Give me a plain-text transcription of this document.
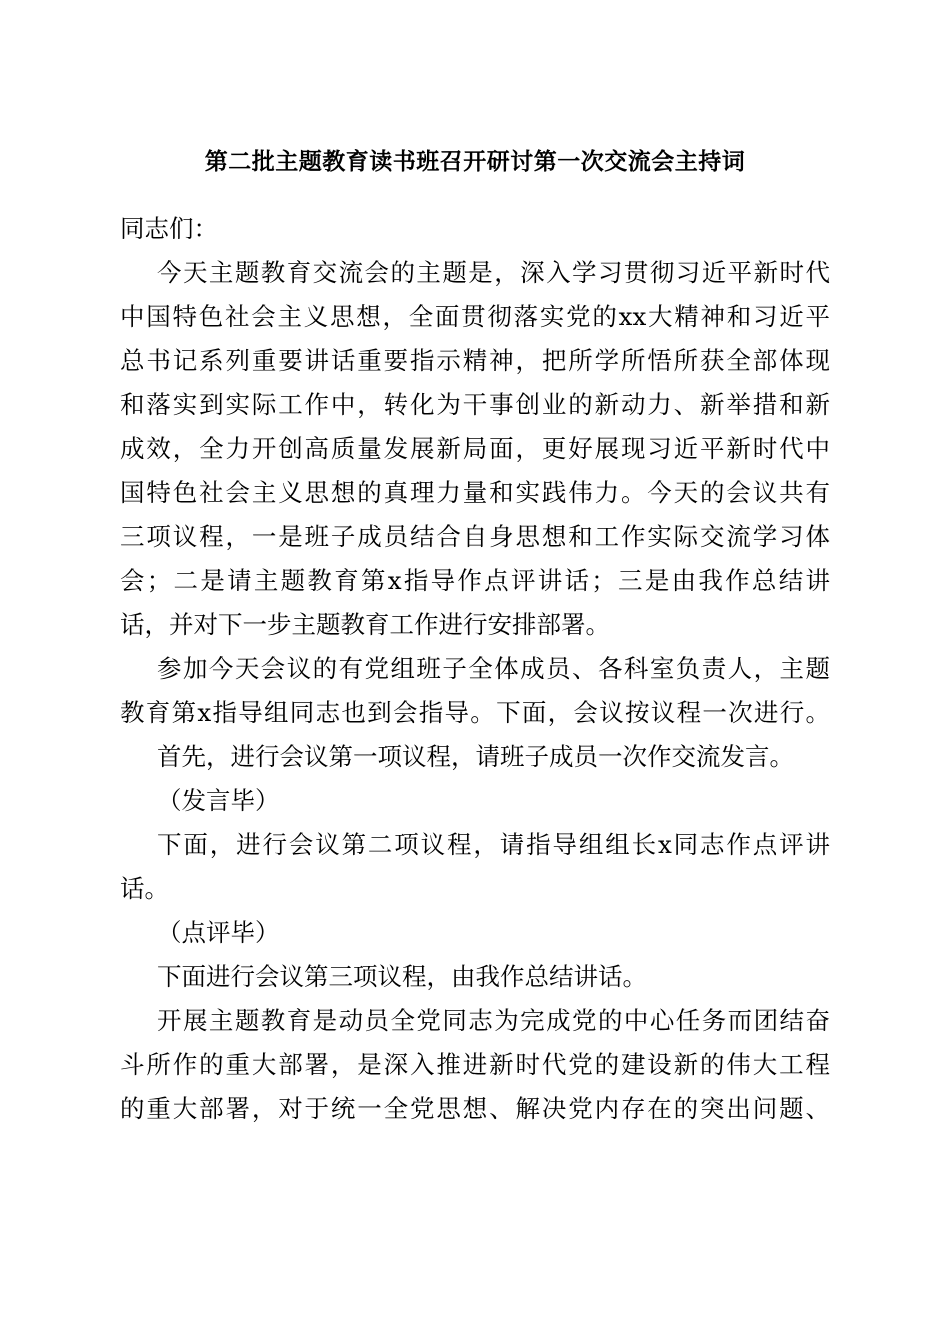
第二批主题教育读书班召开研讨第一次交流会主持词

同志们：

今天主题教育交流会的主题是，深入学习贯彻习近平新时代
中国特色社会主义思想，全面贯彻落实党的xx大精神和习近平
总书记系列重要讲话重要指示精神，把所学所悟所获全部体现
和落实到实际工作中，转化为干事创业的新动力、新举措和新
成效，全力开创高质量发展新局面，更好展现习近平新时代中
国特色社会主义思想的真理力量和实践伟力。今天的会议共有
三项议程，一是班子成员结合自身思想和工作实际交流学习体
会；二是请主题教育第x指导作点评讲话；三是由我作总结讲
话，并对下一步主题教育工作进行安排部署。

参加今天会议的有党组班子全体成员、各科室负责人，主题
教育第x指导组同志也到会指导。下面，会议按议程一次进行。

首先，进行会议第一项议程，请班子成员一次作交流发言。

（发言毕）

下面，进行会议第二项议程，请指导组组长x同志作点评讲
话。

（点评毕）

下面进行会议第三项议程，由我作总结讲话。

开展主题教育是动员全党同志为完成党的中心任务而团结奋
斗所作的重大部署，是深入推进新时代党的建设新的伟大工程
的重大部署，对于统一全党思想、解决党内存在的突出问题、
